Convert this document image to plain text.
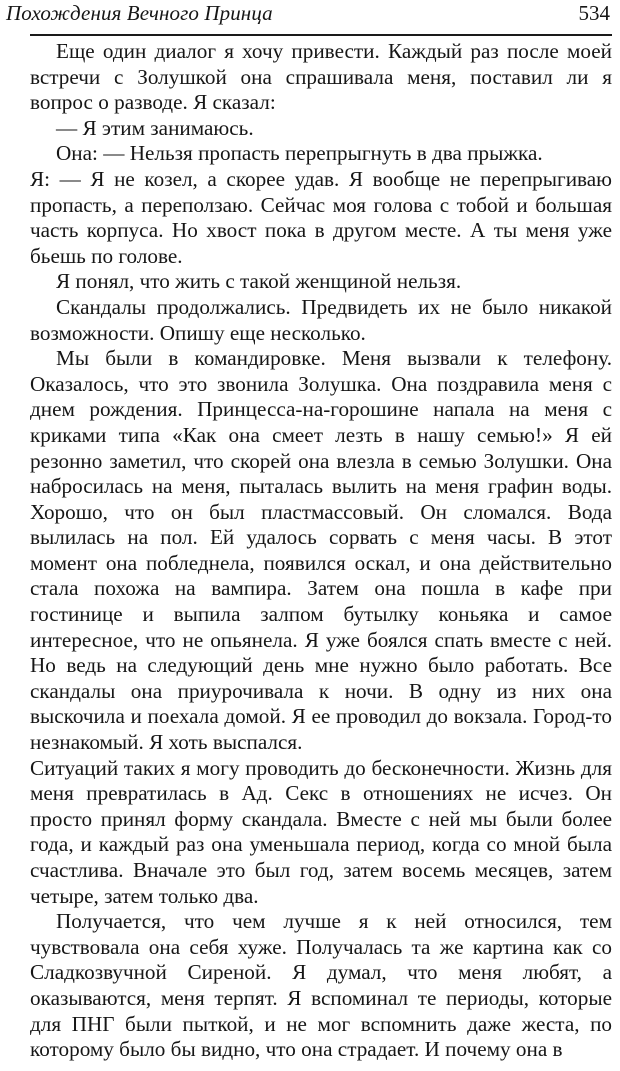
Похождения Вечного Принца	534

Еще один диалог я хочу привести. Каждый раз после моей встречи с Золушкой она спрашивала меня, поставил ли я вопрос о разводе. Я сказал:

— Я этим занимаюсь.

Она: — Нельзя пропасть перепрыгнуть в два прыжка.

Я: — Я не козел, а скорее удав. Я вообще не перепрыгиваю пропасть, а переползаю. Сейчас моя голова с тобой и большая часть корпуса. Но хвост пока в другом месте. А ты меня уже бьешь по голове.

Я понял, что жить с такой женщиной нельзя.

Скандалы продолжались. Предвидеть их не было никакой возможности. Опишу еще несколько.

Мы были в командировке. Меня вызвали к телефону. Оказалось, что это звонила Золушка. Она поздравила меня с днем рождения. Принцесса-на-горошине напала на меня с криками типа «Как она смеет лезть в нашу семью!» Я ей резонно заметил, что скорей она влезла в семью Золушки. Она набросилась на меня, пыталась вылить на меня графин воды. Хорошо, что он был пластмассовый. Он сломался. Вода вылилась на пол. Ей удалось сорвать с меня часы. В этот момент она побледнела, появился оскал, и она действительно стала похожа на вампира. Затем она пошла в кафе при гостинице и выпила залпом бутылку коньяка и самое интересное, что не опьянела. Я уже боялся спать вместе с ней. Но ведь на следующий день мне нужно было работать. Все скандалы она приурочивала к ночи. В одну из них она выскочила и поехала домой. Я ее проводил до вокзала. Город-то незнакомый. Я хоть выспался.

Ситуаций таких я могу проводить до бесконечности. Жизнь для меня превратилась в Ад. Секс в отношениях не исчез. Он просто принял форму скандала. Вместе с ней мы были более года, и каждый раз она уменьшала период, когда со мной была счастлива. Вначале это был год, затем восемь месяцев, затем четыре, затем только два.

Получается, что чем лучше я к ней относился, тем чувствовала она себя хуже. Получалась та же картина как со Сладкозвучной Сиреной. Я думал, что меня любят, а оказываются, меня терпят. Я вспоминал те периоды, которые для ПНГ были пыткой, и не мог вспомнить даже жеста, по которому было бы видно, что она страдает. И почему она в
